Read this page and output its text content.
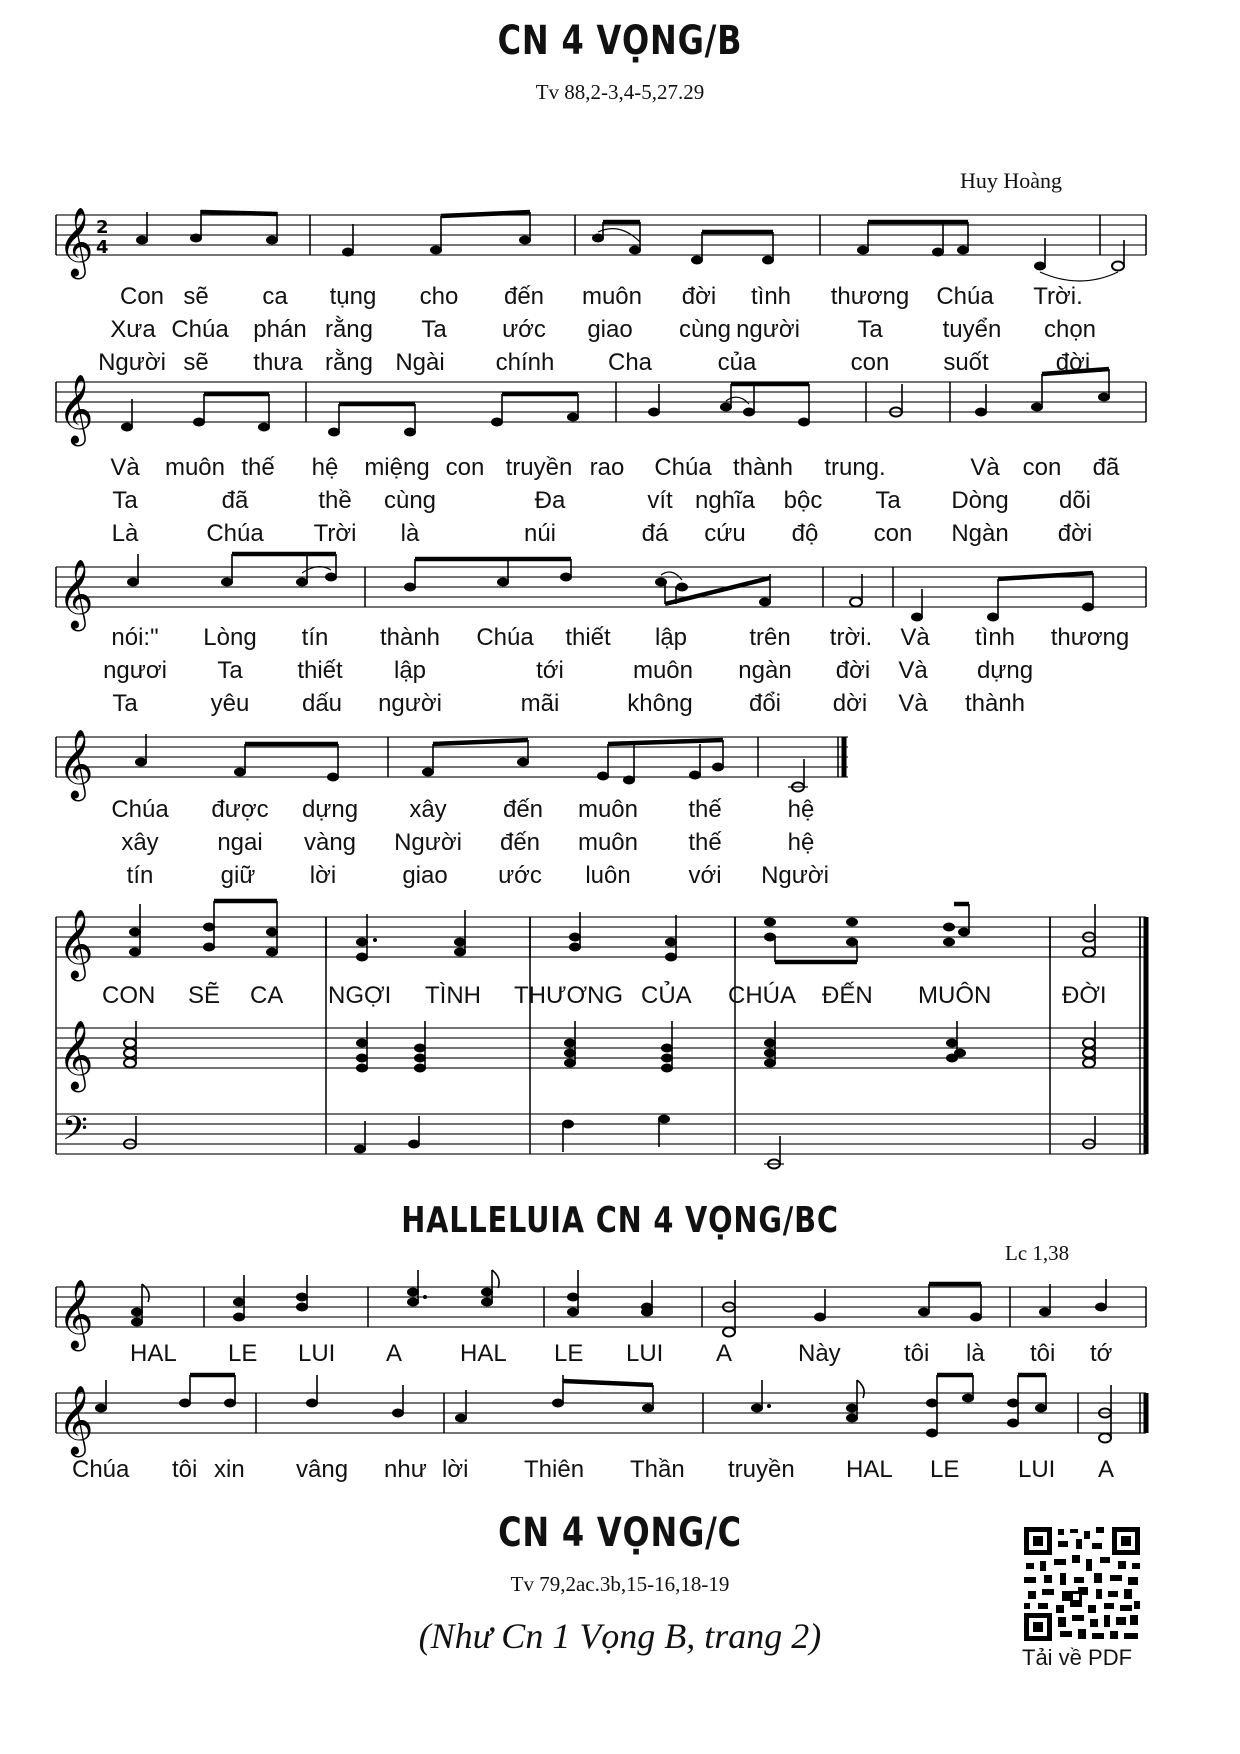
CN 4 VỌNG/B
Tv 88,2-3,4-5,27.29
Huy Hoàng
𝄞 2
4
𝄞
𝄞
𝄞
𝄞
𝄞
𝄢
𝄞
𝄞
Con sẽ	ca	tụng	cho	đến	muôn	đời	tình	thương	Chúa	Trời.
Xưa Chúa	phán rằng	Ta	ước	giao	cùng người	Ta	tuyển	chọn
Người sẽ	thưa rằng Ngài	chính	Cha	của	con	suốt	đời
Và	muôn thế	hệ	miệng con truyền rao	Chúa thành	trung.	Và con	đã
Ta	đã	thề	cùng	Đa	vít nghĩa	bộc	Ta	Dòng	dõi
Là	Chúa	Trời	là	núi	đá	cứu	độ	con	Ngàn	đời
nói:"	Lòng	tín	thành	Chúa	thiết	lập	trên	trời.	Và	tình	thương
ngươi	Ta	thiết	lập	tới	muôn	ngàn	đời	Và	dựng
Ta	yêu	dấu	người	mãi	không	đổi	dời	Và	thành
Chúa	được	dựng	xây	đến	muôn	thế	hệ
xây	ngai	vàng	Người	đến	muôn	thế	hệ
tín	giữ	lời	giao	ước	luôn	với	Người
CON SẼ CA NGỢI TÌNH THƯƠNG CỦA CHÚA ĐẾN MUÔN	ĐỜI
HALLELUIA CN 4 VỌNG/BC
Lc 1,38
HAL LE LUI A HAL LE LUI A	Này	tôi là tôi tớ
Chúa tôi xin vâng như lời Thiên Thần truyền HAL LE LUI A
CN 4 VỌNG/C
Tv 79,2ac.3b,15-16,18-19
(Như Cn 1 Vọng B, trang 2)
Tải về PDF
